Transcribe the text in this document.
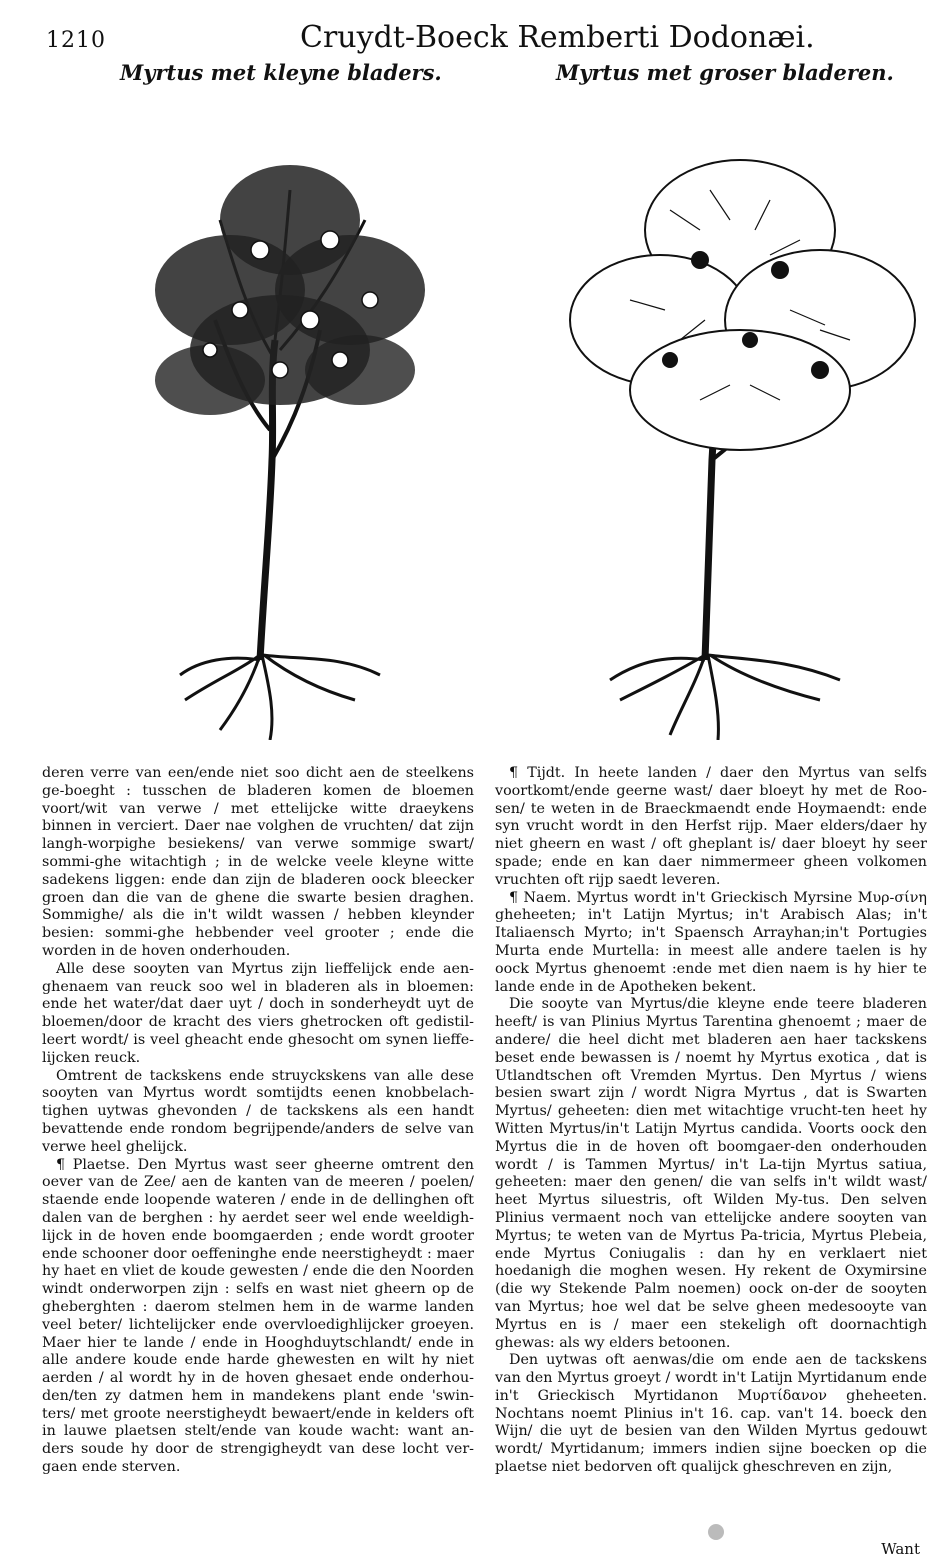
1210	Cruydt-Boeck Remberti Dodonæi.
Myrtus met kleyne bladers.	Myrtus met groser bladeren.

deren verre van een/ende niet soo dicht aen de steelkens ge-boeght : tusschen de bladeren komen de bloemen voort/wit van verwe / met ettelijcke witte draeykens binnen in verciert. Daer nae volghen de vruchten/ dat zijn langh-worpighe besiekens/ van verwe sommige swart/ sommi-ghe witachtigh ; in de welcke veele kleyne witte sadekens liggen: ende dan zijn de bladeren oock bleecker groen dan die van de ghene die swarte besien draghen. Sommighe/ als die in't wildt wassen / hebben kleynder besien: sommi-ghe hebbender veel grooter ; ende die worden in de hoven onderhouden.

Alle dese sooyten van Myrtus zijn lieffelijck ende aen-ghenaem van reuck soo wel in bladeren als in bloemen: ende het water/dat daer uyt / doch in sonderheydt uyt de bloemen/door de kracht des viers ghetrocken oft gedistil-leert wordt/ is veel gheacht ende ghesocht om synen lieffe-lijcken reuck.

Omtrent de tackskens ende struyckskens van alle dese sooyten van Myrtus wordt somtijdts eenen knobbelach-tighen uytwas ghevonden / de tackskens als een handt bevattende ende rondom begrijpende/anders de selve van verwe heel ghelijck.

¶ Plaetse. Den Myrtus wast seer gheerne omtrent den oever van de Zee/ aen de kanten van de meeren / poelen/ staende ende loopende wateren / ende in de dellinghen oft dalen van de berghen : hy aerdet seer wel ende weeldigh-lijck in de hoven ende boomgaerden ; ende wordt grooter ende schooner door oeffeninghe ende neerstigheydt : maer hy haet en vliet de koude gewesten / ende die den Noorden windt onderworpen zijn : selfs en wast niet gheern op de gheberghten : daerom stelmen hem in de warme landen veel beter/ lichtelijcker ende overvloedighlijcker groeyen. Maer hier te lande / ende in Hooghduytschlandt/ ende in alle andere koude ende harde ghewesten en wilt hy niet aerden / al wordt hy in de hoven ghesaet ende onderhou-den/ten zy datmen hem in mandekens plant ende 'swin-ters/ met groote neerstigheydt bewaert/ende in kelders oft in lauwe plaetsen stelt/ende van koude wacht: want an-ders soude hy door de strengigheydt van dese locht ver-gaen ende sterven.

¶ Tijdt. In heete landen / daer den Myrtus van selfs voortkomt/ende geerne wast/ daer bloeyt hy met de Roo-sen/ te weten in de Braeckmaendt ende Hoymaendt: ende syn vrucht wordt in den Herfst rijp. Maer elders/daer hy niet gheern en wast / oft gheplant is/ daer bloeyt hy seer spade; ende en kan daer nimmermeer gheen volkomen vruchten oft rijp saedt leveren.

¶ Naem. Myrtus wordt in't Grieckisch Myrsine Μυρ-σίνη gheheeten; in't Latijn Myrtus; in't Arabisch Alas; in't Italiaensch Myrto; in't Spaensch Arrayhan;in't Portugies Murta ende Murtella: in meest alle andere taelen is hy oock Myrtus ghenoemt :ende met dien naem is hy hier te lande ende in de Apotheken bekent.

Die sooyte van Myrtus/die kleyne ende teere bladeren heeft/ is van Plinius Myrtus Tarentina ghenoemt ; maer de andere/ die heel dicht met bladeren aen haer tackskens beset ende bewassen is / noemt hy Myrtus exotica , dat is Utlandtschen oft Vremden Myrtus. Den Myrtus / wiens besien swart zijn / wordt Nigra Myrtus , dat is Swarten Myrtus/ geheeten: dien met witachtige vrucht-ten heet hy Witten Myrtus/in't Latijn Myrtus candida. Voorts oock den Myrtus die in de hoven oft boomgaer-den onderhouden wordt / is Tammen Myrtus/ in't La-tijn Myrtus satiua, geheeten: maer den genen/ die van selfs in't wildt wast/ heet Myrtus siluestris, oft Wilden My-tus. Den selven Plinius vermaent noch van ettelijcke andere sooyten van Myrtus; te weten van de Myrtus Pa-tricia, Myrtus Plebeia, ende Myrtus Coniugalis : dan hy en verklaert niet hoedanigh die moghen wesen. Hy rekent de Oxymirsine (die wy Stekende Palm noemen) oock on-der de sooyten van Myrtus; hoe wel dat be selve gheen medesooyte van Myrtus en is / maer een stekeligh oft doornachtigh ghewas: als wy elders betoonen.

Den uytwas oft aenwas/die om ende aen de tackskens van den Myrtus groeyt / wordt in't Latijn Myrtidanum ende in't Grieckisch Myrtidanon Μυρτίδανον gheheeten. Nochtans noemt Plinius in't 16. cap. van't 14. boeck den Wijn/ die uyt de besien van den Wilden Myrtus gedouwt wordt/ Myrtidanum; immers indien sijne boecken op die plaetse niet bedorven oft qualijck gheschreven en zijn,

Want
